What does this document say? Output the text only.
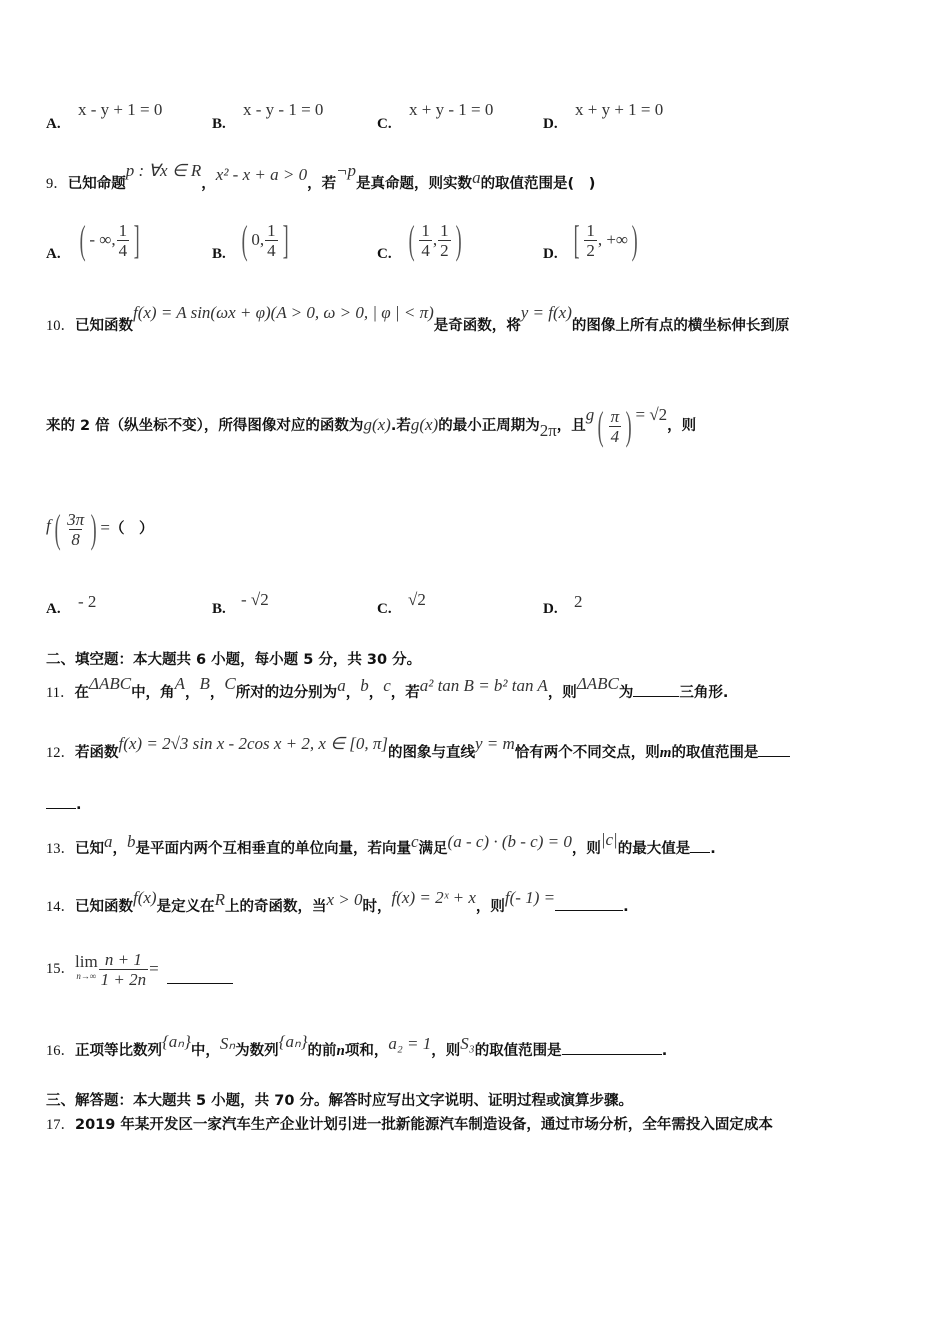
A.
x - y + 1 = 0
B.
x - y - 1 = 0
C.
x + y - 1 = 0
D.
x + y + 1 = 0
9．已知命题p : ∀x ∈ R，x² - x + a > 0，若¬p是真命题，则实数a的取值范围是(　)
A. ( - ∞, $\frac{1}{4}$ ]	B. ( 0, $\frac{1}{4}$ ]	C. ( $\frac{1}{4}$ , $\frac{1}{2}$ )	D. [ $\frac{1}{2}$ , +∞)
10．已知函数f(x) = A sin(ωx + φ)(A > 0, ω > 0, | φ | < π)是奇函数，将y = f(x)的图像上所有点的横坐标伸长到原
来的 2 倍（纵坐标不变），所得图像对应的函数为g(x).若g(x)的最小正周期为2π，且$g( \frac{\pi}{4}$ ) = √2，则
$f( \frac{3\pi}{8}$ ) =（　）
A. - 2	B. - √2	C. √2	D. 2
二、填空题：本大题共 6 小题，每小题 5 分，共 30 分。
11．在ΔABC中，角A，B，C所对的边分别为a，b，c，若a² tan B = b² tan A，则ΔABC为	三角形.
12．若函数f(x) = 2√3 sin x - 2cos x + 2, x ∈ [0, π]的图象与直线y = m恰有两个不同交点，则m的取值范围是
.
13．已知a，b是平面内两个互相垂直的单位向量，若向量c满足(a - c) · (b - c) = 0，则|c|的最大值是 .
14．已知函数f(x)是定义在R上的奇函数，当x > 0时，f(x) = 2ˣ + x，则f(- 1) =	.
15． lim
$n\to\infty \frac{n + 1}{1 + 2n}$ =
16．正项等比数列{aₙ}中，Sₙ为数列{aₙ}的前n项和，a₂ = 1，则S₃的取值范围是	.
三、解答题：本大题共 5 小题，共 70 分。解答时应写出文字说明、证明过程或演算步骤。
17．2019 年某开发区一家汽车生产企业计划引进一批新能源汽车制造设备，通过市场分析，全年需投入固定成本
